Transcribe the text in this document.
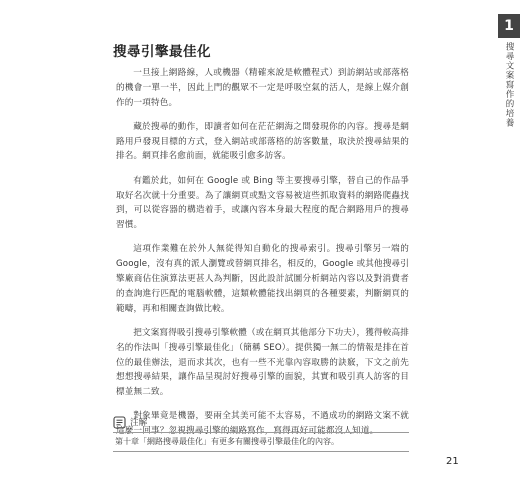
1
搜尋文案寫作的培養
搜尋引擎最佳化

一旦接上網路線，人或機器（精確來說是軟體程式）到訪網站或部落格的機會一單一半，因此上門的觀眾不一定是呼吸空氣的活人，是線上媒介創作的一項特色。

藏於搜尋的動作，即讀者如何在茫茫網海之間發現你的內容。搜尋是網路用戶發現目標的方式，登入網站或部落格的訪客數量，取決於搜尋結果的排名。網頁排名愈前面，就能吸引愈多訪客。

有鑑於此，如何在 Google 或 Bing 等主要搜尋引擎，替自己的作品爭取好名次就十分重要。為了讓網頁或點文容易被這些抓取資料的網路爬蟲找到，可以從容器的構造着手，或讓內容本身最大程度的配合網路用戶的搜尋習慣。

這項作業難在於外人無從得知自動化的搜尋索引。搜尋引擎另一端的 Google，沒有真的派人瀏覽或替網頁排名，相反的，Google 或其他搜尋引擎廠商佔住演算法更甚人為判斷，因此設計試圖分析網站內容以及對消費者的查詢進行匹配的電腦軟體，這類軟體能找出網頁的各種要素，判斷網頁的範疇，再和相關查詢做比較。

把文案寫得吸引搜尋引擎軟體（或在網頁其他部分下功夫），獲得較高排名的作法叫「搜尋引擎最佳化」（簡稱 SEO）。提供獨一無二的情報是排在首位的最佳辦法，退而求其次，也有一些不光靠內容取勝的訣竅，下文之前先想想搜尋結果，讓作品呈現討好搜尋引擎的面貌，其實和吸引真人訪客的目標並無二致。

對象畢竟是機器，要兩全其美可能不太容易，不過成功的網路文案不就這麼一回事？忽視搜尋引擎的網路寫作，寫得再好可能都沒人知道。

注解
第十章「網路搜尋最佳化」有更多有關搜尋引擎最佳化的內容。
21
